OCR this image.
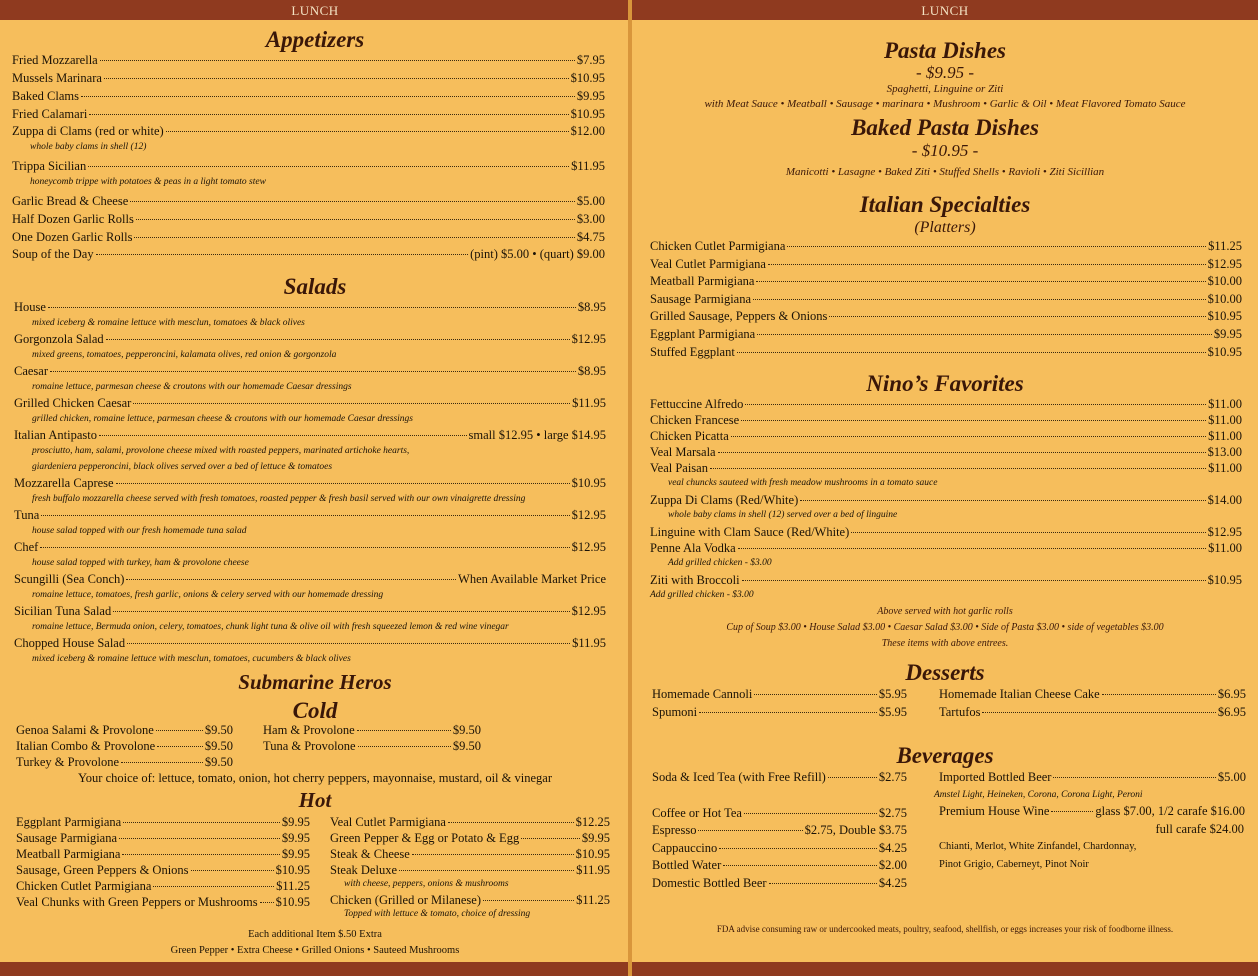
LUNCH
Appetizers
Fried Mozzarella	$7.95
Mussels Marinara	$10.95
Baked Clams	$9.95
Fried Calamari	$10.95
Zuppa di Clams (red or white)	$12.00
whole baby clams in shell (12)
Trippa Sicilian	$11.95
honeycomb trippe with potatoes & peas in a light tomato stew
Garlic Bread & Cheese	$5.00
Half Dozen Garlic Rolls	$3.00
One Dozen Garlic Rolls	$4.75
Soup of the Day	(pint) $5.00 • (quart) $9.00
Salads
House	$8.95
mixed iceberg & romaine lettuce with mesclun, tomatoes & black olives
Gorgonzola Salad	$12.95
mixed greens, tomatoes, pepperoncini, kalamata olives, red onion & gorgonzola
Caesar	$8.95
romaine lettuce, parmesan cheese & croutons with our homemade Caesar dressings
Grilled Chicken Caesar	$11.95
grilled chicken, romaine lettuce, parmesan cheese & croutons with our homemade Caesar dressings
Italian Antipasto	small $12.95 • large $14.95
prosciutto, ham, salami, provolone cheese mixed with roasted peppers, marinated artichoke hearts,
giardeniera pepperoncini, black olives served over a bed of lettuce & tomatoes
Mozzarella Caprese	$10.95
fresh buffalo mozzarella cheese served with fresh tomatoes, roasted pepper & fresh basil served with our own vinaigrette dressing
Tuna	$12.95
house salad topped with our fresh homemade tuna salad
Chef	$12.95
house salad topped with turkey, ham & provolone cheese
Scungilli (Sea Conch)	When Available Market Price
romaine lettuce, tomatoes, fresh garlic, onions & celery served with our homemade dressing
Sicilian Tuna Salad	$12.95
romaine lettuce, Bermuda onion, celery, tomatoes, chunk light tuna & olive oil with fresh squeezed lemon & red wine vinegar
Chopped House Salad	$11.95
mixed iceberg & romaine lettuce with mesclun, tomatoes, cucumbers & black olives
Submarine Heros
Cold
Genoa Salami & Provolone	$9.50
Italian Combo & Provolone	$9.50
Turkey & Provolone	$9.50
Ham & Provolone	$9.50
Tuna & Provolone	$9.50
Your choice of: lettuce, tomato, onion, hot cherry peppers, mayonnaise, mustard, oil & vinegar
Hot
Eggplant Parmigiana	$9.95
Sausage Parmigiana	$9.95
Meatball Parmigiana	$9.95
Sausage, Green Peppers & Onions	$10.95
Chicken Cutlet Parmigiana	$11.25
Veal Chunks with Green Peppers or Mushrooms $10.95
Veal Cutlet Parmigiana	$12.25
Green Pepper & Egg or Potato & Egg	$9.95
Steak & Cheese	$10.95
Steak Deluxe	$11.95
with cheese, peppers, onions & mushrooms
Chicken (Grilled or Milanese)	$11.25
Topped with lettuce & tomato, choice of dressing
Each additional Item $.50 Extra
Green Pepper • Extra Cheese • Grilled Onions • Sauteed Mushrooms
LUNCH
Pasta Dishes
- $9.95 -
Spaghetti, Linguine or Ziti
with Meat Sauce • Meatball • Sausage • marinara • Mushroom • Garlic & Oil • Meat Flavored Tomato Sauce
Baked Pasta Dishes
- $10.95 -
Manicotti • Lasagne • Baked Ziti • Stuffed Shells • Ravioli • Ziti Sicillian
Italian Specialties
(Platters)
Chicken Cutlet Parmigiana	$11.25
Veal Cutlet Parmigiana	$12.95
Meatball Parmigiana	$10.00
Sausage Parmigiana	$10.00
Grilled Sausage, Peppers & Onions	$10.95
Eggplant Parmigiana	$9.95
Stuffed Eggplant	$10.95
Nino’s Favorites
Fettuccine Alfredo	$11.00
Chicken Francese	$11.00
Chicken Picatta	$11.00
Veal Marsala	$13.00
Veal Paisan	$11.00
veal chuncks sauteed with fresh meadow mushrooms in a tomato sauce
Zuppa Di Clams (Red/White)	$14.00
whole baby clams in shell (12) served over a bed of linguine
Linguine with Clam Sauce (Red/White)	$12.95
Penne Ala Vodka	$11.00
Add grilled chicken - $3.00
Ziti with Broccoli	$10.95
Add grilled chicken - $3.00
Above served with hot garlic rolls
Cup of Soup $3.00 • House Salad $3.00 • Caesar Salad $3.00 • Side of Pasta $3.00 • side of vegetables $3.00
These items with above entrees.
Desserts
Homemade Cannoli	$5.95
Spumoni	$5.95
Homemade Italian Cheese Cake	$6.95
Tartufos	$6.95
Beverages
Soda & Iced Tea (with Free Refill)	$2.75
Coffee or Hot Tea	$2.75
Espresso	$2.75, Double $3.75
Cappauccino	$4.25
Bottled Water	$2.00
Domestic Bottled Beer	$4.25
Imported Bottled Beer	$5.00
Amstel Light, Heineken, Corona, Corona Light, Peroni
Premium House Wine	glass $7.00, 1/2 carafe $16.00
full carafe $24.00
Chianti, Merlot, White Zinfandel, Chardonnay,
Pinot Grigio, Caberneyt, Pinot Noir
FDA advise consuming raw or undercooked meats, poultry, seafood, shellfish, or eggs increases your risk of foodborne illness.
